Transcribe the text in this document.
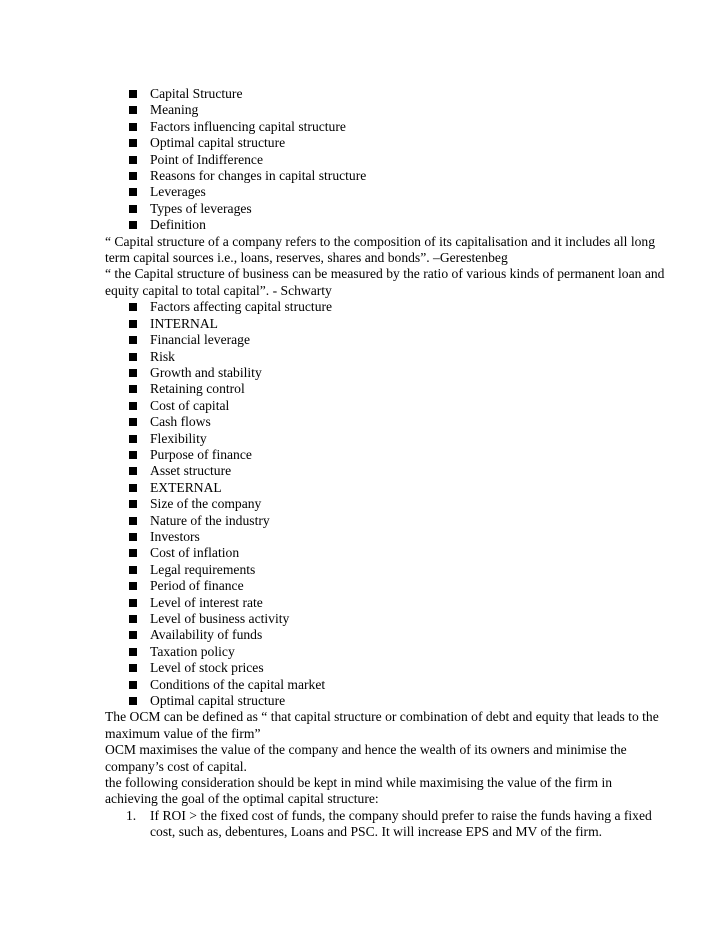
Capital Structure
Meaning
Factors influencing capital structure
Optimal capital structure
Point of Indifference
Reasons for changes in capital structure
Leverages
Types of leverages
Definition

“ Capital structure of a company refers to the composition of its capitalisation and it includes all long term capital sources i.e., loans, reserves, shares and bonds”. –Gerestenbeg

“ the Capital structure of business can be measured by the ratio of various kinds of permanent loan and equity capital to total capital”. - Schwarty

Factors affecting capital structure
INTERNAL
Financial leverage
Risk
Growth and stability
Retaining control
Cost of capital
Cash flows
Flexibility
Purpose of finance
Asset structure
EXTERNAL
Size of the company
Nature of the industry
Investors
Cost of inflation
Legal requirements
Period of finance
Level of interest rate
Level of business activity
Availability of funds
Taxation policy
Level of stock prices
Conditions of the capital market
Optimal capital structure

The OCM can be defined as “ that capital structure or combination of debt and equity that leads to the maximum value of the firm”

OCM maximises the value of the company and hence the wealth of its owners and minimise the company’s cost of capital.

the following consideration should be kept in mind while maximising the value of the firm in achieving the goal of the optimal capital structure:

1. If ROI > the fixed cost of funds, the company should prefer to raise the funds having a fixed cost, such as, debentures, Loans and PSC. It will increase EPS and MV of the firm.
